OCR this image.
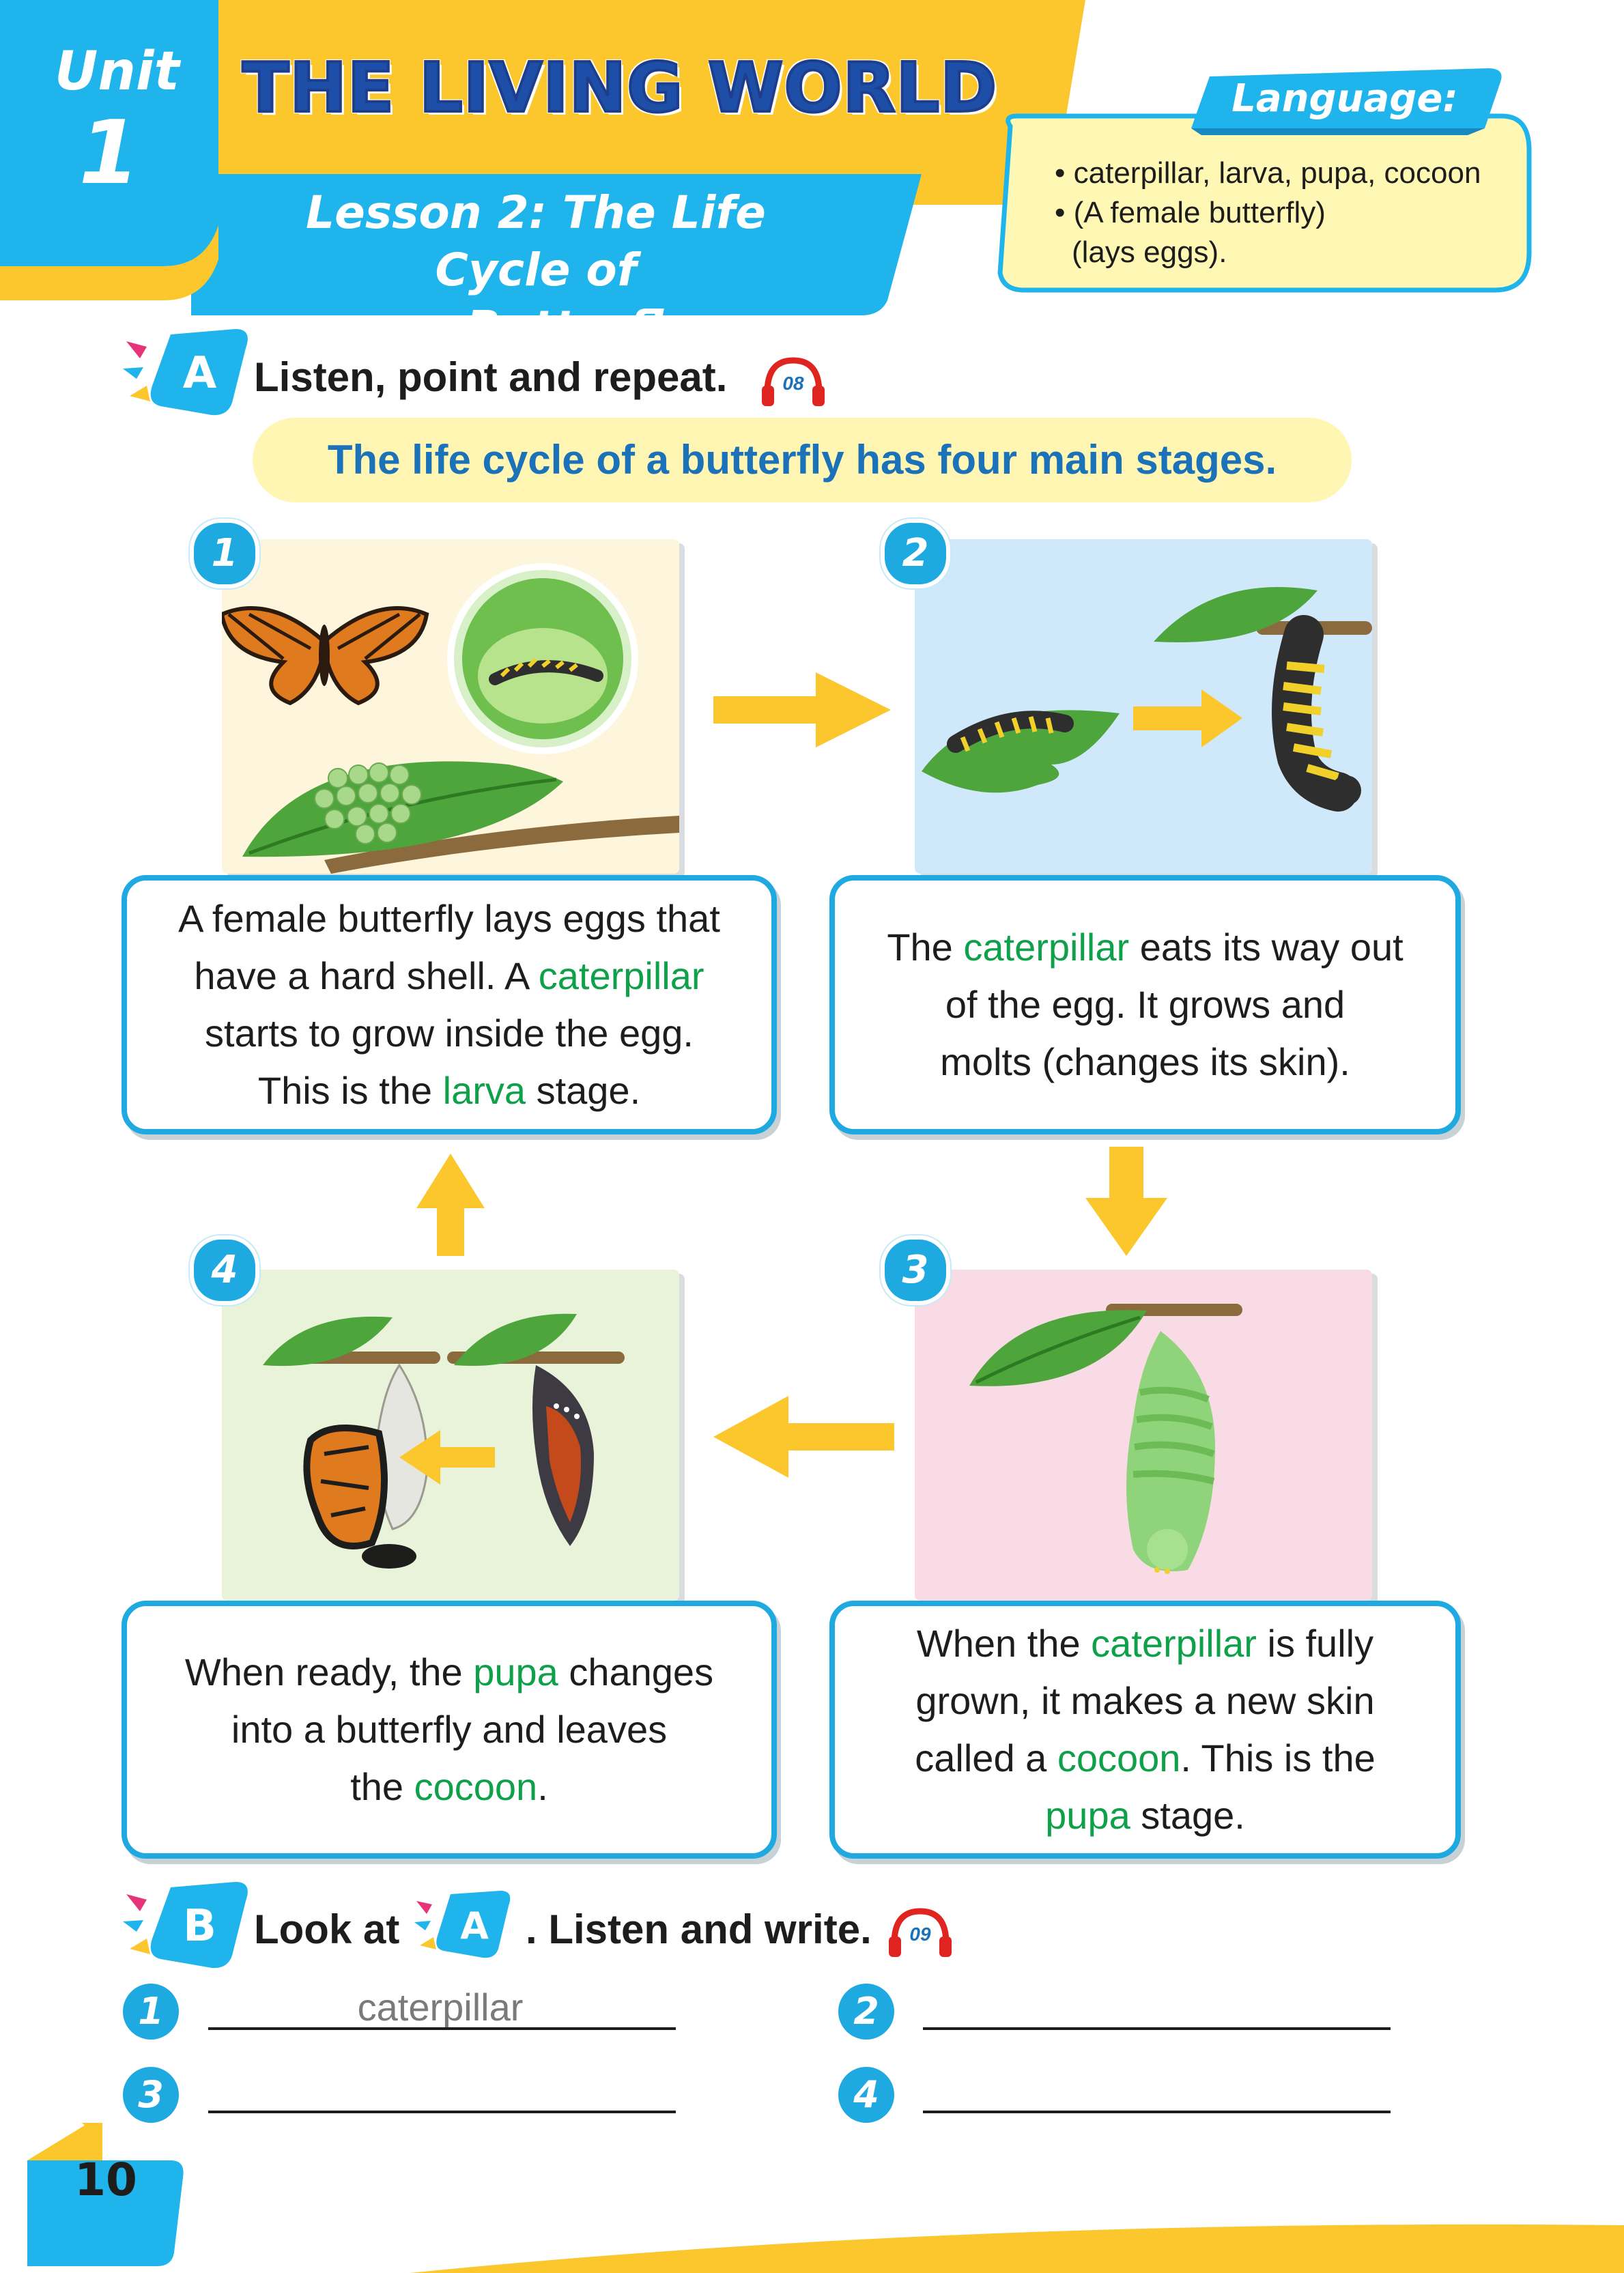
Unit
1
THE LIVING WORLD
Lesson 2: The Life Cycle of
a Butterfly
Language:
• caterpillar, larva, pupa, cocoon
• (A female butterfly)
(lays eggs).
A Listen, point and repeat.	08
The life cycle of a butterfly has four main stages.
1	2
4	3
A female butterfly lays eggs that
have a hard shell. A caterpillar
starts to grow inside the egg.
This is the larva stage.
The caterpillar eats its way out
of the egg. It grows and
molts (changes its skin).
When the caterpillar is fully
grown, it makes a new skin
called a cocoon. This is the
pupa stage.
When ready, the pupa changes
into a butterfly and leaves
the cocoon.
B Look at	A . Listen and write.	09
1	caterpillar	2
3	4
10
